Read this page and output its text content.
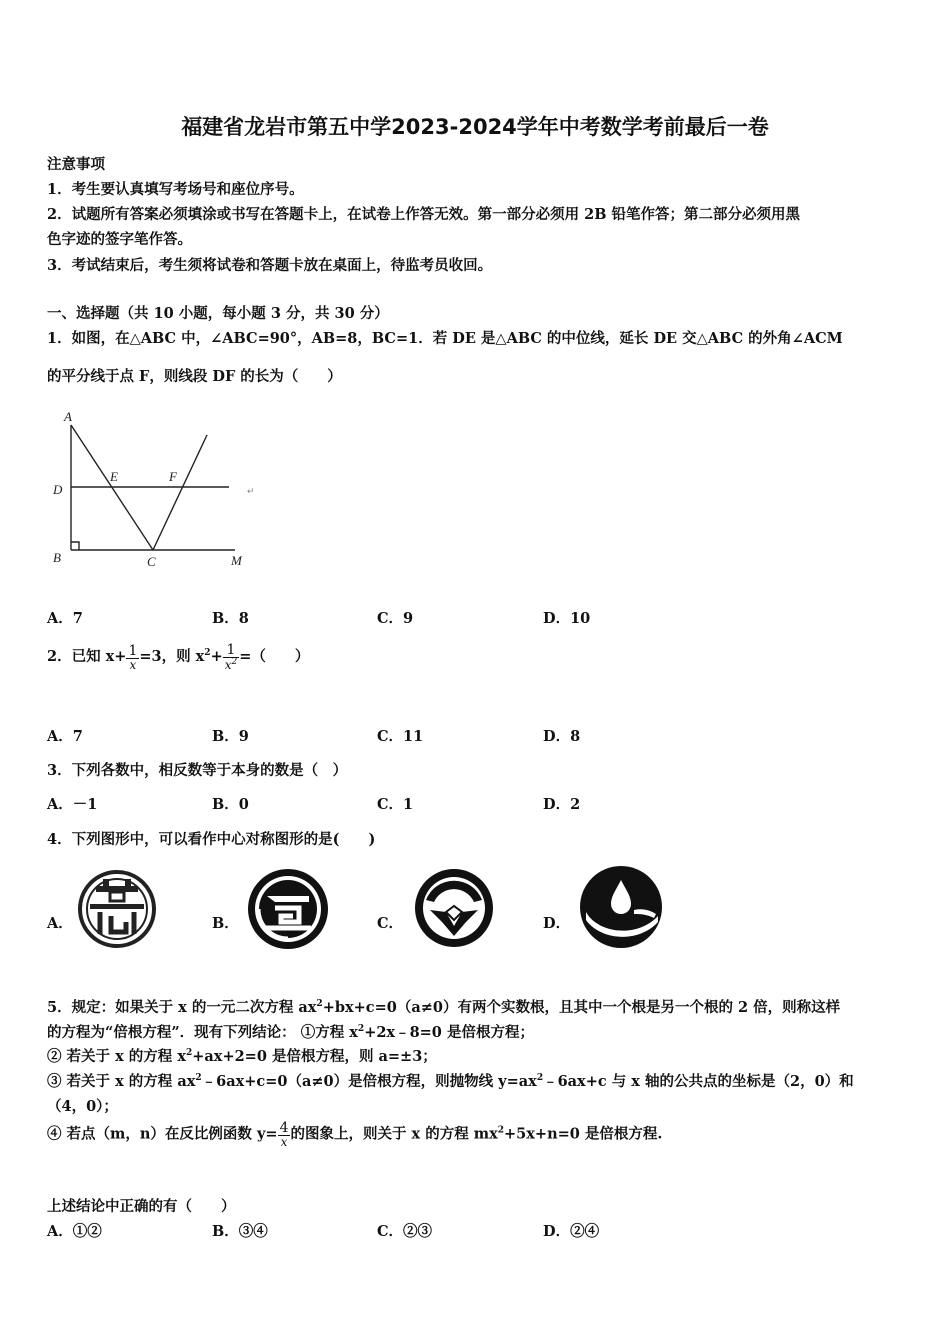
福建省龙岩市第五中学2023-2024学年中考数学考前最后一卷
注意事项
1．考生要认真填写考场号和座位序号。
2．试题所有答案必须填涂或书写在答题卡上，在试卷上作答无效。第一部分必须用 2B 铅笔作答；第二部分必须用黑
色字迹的签字笔作答。
3．考试结束后，考生须将试卷和答题卡放在桌面上，待监考员收回。
一、选择题（共 10 小题，每小题 3 分，共 30 分）
1．如图，在△ABC 中，∠ABC=90°，AB=8，BC=1．若 DE 是△ABC 的中位线，延长 DE 交△ABC 的外角∠ACM
的平分线于点 F，则线段 DF 的长为（　　）
A
E	F
D
B	C	M
↵
A．7	B．8	C．9	D．10
2．已知 $x+ \frac{1}{x} =3$，则 $x^2+ \frac{1}{x^2}$ =（　　）
A．7	B．9	C．11	D．8
3．下列各数中，相反数等于本身的数是（　）
A．－1	B．0	C．1	D．2
4．下列图形中，可以看作中心对称图形的是(　　)
A．	B．	C．	D．
5．规定：如果关于 x 的一元二次方程 $ax^2+bx+c=0(a\ne 0)$有两个实数根，且其中一个根是另一个根的 2 倍，则称这样
的方程为“倍根方程”．现有下列结论： ①方程 $x^2+2x﹣8=0$ 是倍根方程；
② 若关于 x 的方程 $x^2+ax+2=0$ 是倍根方程，则 a=±3；
③ 若关于 x 的方程 $ax^2﹣6ax+c=0(a\ne 0)$是倍根方程，则抛物线 $y=ax^2﹣6ax+c$ 与 x 轴的公共点的坐标是（2，0）和
（4，0）；
④ 若点（m，n）在反比例函数 $y= \frac{4}{x}$ 的图象上，则关于 x 的方程 $mx^2+5x+n=0$ 是倍根方程.
上述结论中正确的有（　　）
A．①②	B．③④	C．②③	D．②④
